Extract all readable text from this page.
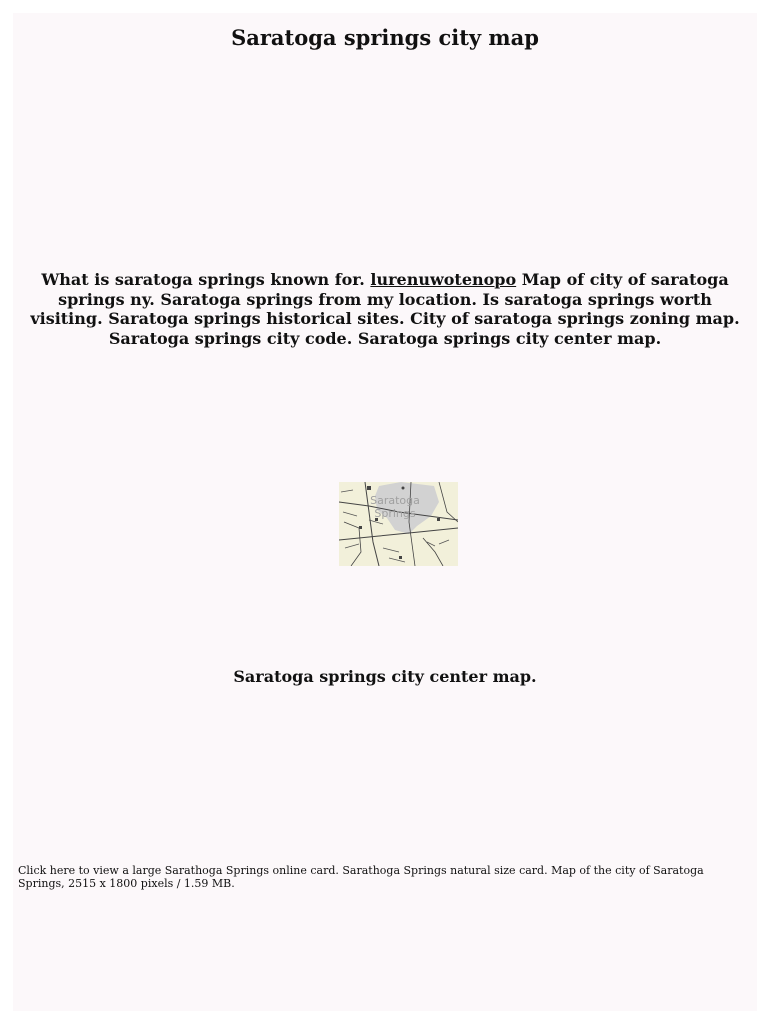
Saratoga springs city map

What is saratoga springs known for. lurenuwotenopo Map of city of saratoga springs ny. Saratoga springs from my location. Is saratoga springs worth visiting. Saratoga springs historical sites. City of saratoga springs zoning map.
Saratoga springs city code. Saratoga springs city center map.

Saratoga
Springs

Saratoga springs city center map.

Click here to view a large Sarathoga Springs online card. Sarathoga Springs natural size card. Map of the city of Saratoga Springs, 2515 x 1800 pixels / 1.59 MB.
